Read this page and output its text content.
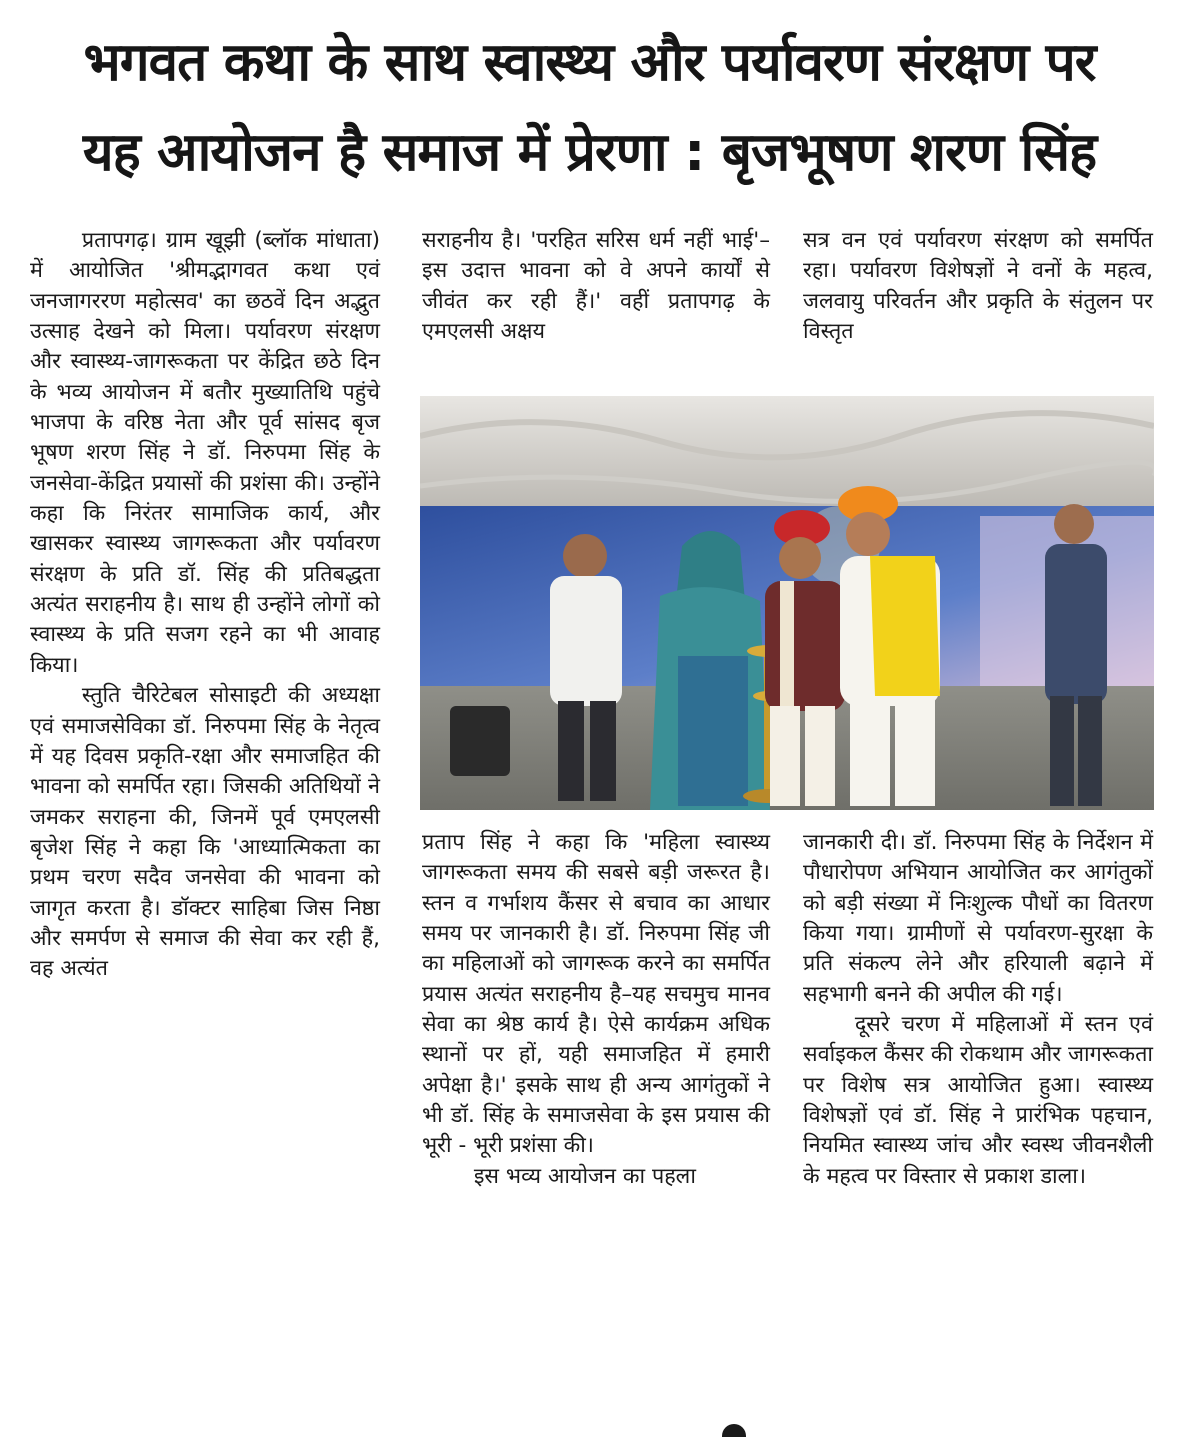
भगवत कथा के साथ स्वास्थ्य और पर्यावरण संरक्षण पर
यह आयोजन है समाज में प्रेरणा : बृजभूषण शरण सिंह

प्रतापगढ़। ग्राम खूझी (ब्लॉक मांधाता) में आयोजित 'श्रीमद्भागवत कथा एवं जनजागररण महोत्सव' का छठवें दिन अद्भुत उत्साह देखने को मिला। पर्यावरण संरक्षण और स्वास्थ्य-जागरूकता पर केंद्रित छठे दिन के भव्य आयोजन में बतौर मुख्यातिथि पहुंचे भाजपा के वरिष्ठ नेता और पूर्व सांसद बृज भूषण शरण सिंह ने डॉ. निरुपमा सिंह के जनसेवा-केंद्रित प्रयासों की प्रशंसा की। उन्होंने कहा कि निरंतर सामाजिक कार्य, और खासकर स्वास्थ्य जागरूकता और पर्यावरण संरक्षण के प्रति डॉ. सिंह की प्रतिबद्धता अत्यंत सराहनीय है। साथ ही उन्होंने लोगों को स्वास्थ्य के प्रति सजग रहने का भी आवाह किया।

स्तुति चैरिटेबल सोसाइटी की अध्यक्षा एवं समाजसेविका डॉ. निरुपमा सिंह के नेतृत्व में यह दिवस प्रकृति-रक्षा और समाजहित की भावना को समर्पित रहा। जिसकी अतिथियों ने जमकर सराहना की, जिनमें पूर्व एमएलसी बृजेश सिंह ने कहा कि 'आध्यात्मिकता का प्रथम चरण सदैव जनसेवा की भावना को जागृत करता है। डॉक्टर साहिबा जिस निष्ठा और समर्पण से समाज की सेवा कर रही हैं, वह अत्यंत

सराहनीय है। 'परहित सरिस धर्म नहीं भाई'–इस उदात्त भावना को वे अपने कार्यों से जीवंत कर रही हैं।' वहीं प्रतापगढ़ के एमएलसी अक्षय

सत्र वन एवं पर्यावरण संरक्षण को समर्पित रहा। पर्यावरण विशेषज्ञों ने वनों के महत्व, जलवायु परिवर्तन और प्रकृति के संतुलन पर विस्तृत

प्रताप सिंह ने कहा कि 'महिला स्वास्थ्य जागरूकता समय की सबसे बड़ी जरूरत है। स्तन व गर्भाशय कैंसर से बचाव का आधार समय पर जानकारी है। डॉ. निरुपमा सिंह जी का महिलाओं को जागरूक करने का समर्पित प्रयास अत्यंत सराहनीय है–यह सचमुच मानव सेवा का श्रेष्ठ कार्य है। ऐसे कार्यक्रम अधिक स्थानों पर हों, यही समाजहित में हमारी अपेक्षा है।' इसके साथ ही अन्य आगंतुकों ने भी डॉ. सिंह के समाजसेवा के इस प्रयास की भूरी - भूरी प्रशंसा की।

इस भव्य आयोजन का पहला

जानकारी दी। डॉ. निरुपमा सिंह के निर्देशन में पौधारोपण अभियान आयोजित कर आगंतुकों को बड़ी संख्या में निःशुल्क पौधों का वितरण किया गया। ग्रामीणों से पर्यावरण-सुरक्षा के प्रति संकल्प लेने और हरियाली बढ़ाने में सहभागी बनने की अपील की गई।

दूसरे चरण में महिलाओं में स्तन एवं सर्वाइकल कैंसर की रोकथाम और जागरूकता पर विशेष सत्र आयोजित हुआ। स्वास्थ्य विशेषज्ञों एवं डॉ. सिंह ने प्रारंभिक पहचान, नियमित स्वास्थ्य जांच और स्वस्थ जीवनशैली के महत्व पर विस्तार से प्रकाश डाला।
